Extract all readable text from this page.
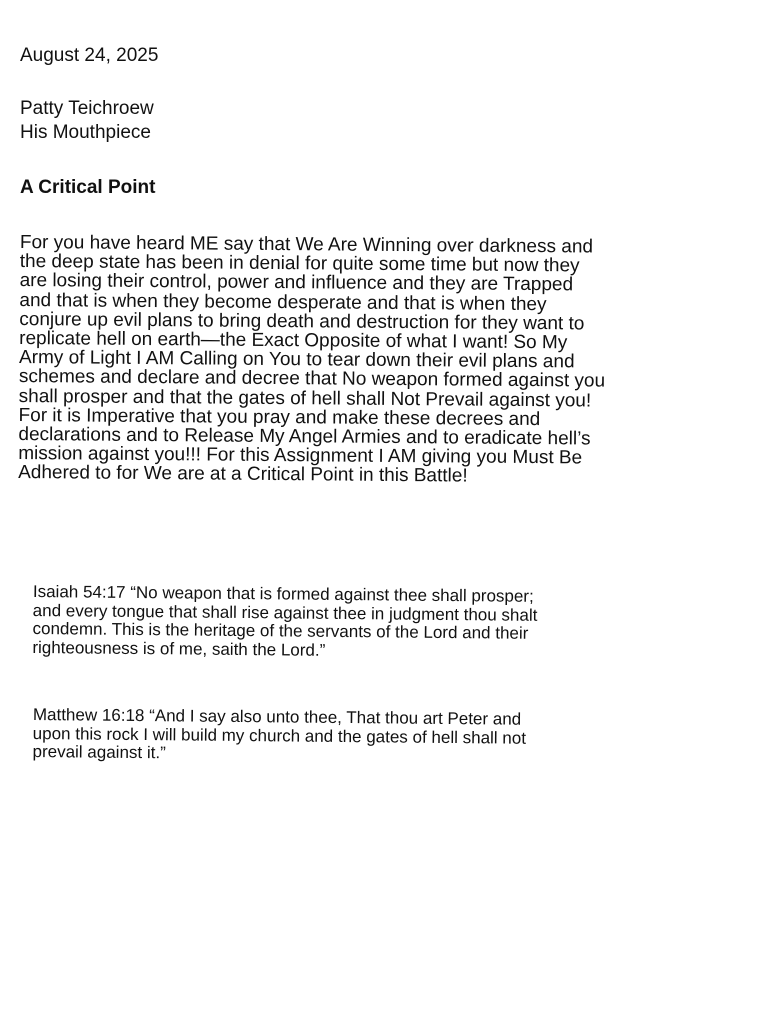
August 24, 2025

Patty Teichroew
His Mouthpiece

A Critical Point

For you have heard ME say that We Are Winning over darkness and
the deep state has been in denial for quite some time but now they
are losing their control, power and influence and they are Trapped
and that is when they become desperate and that is when they
conjure up evil plans to bring death and destruction for they want to
replicate hell on earth—the Exact Opposite of what I want! So My
Army of Light I AM Calling on You to tear down their evil plans and
schemes and declare and decree that No weapon formed against you
shall prosper and that the gates of hell shall Not Prevail against you!
For it is Imperative that you pray and make these decrees and
declarations and to Release My Angel Armies and to eradicate hell’s
mission against you!!! For this Assignment I AM giving you Must Be
Adhered to for We are at a Critical Point in this Battle!
Isaiah 54:17 “No weapon that is formed against thee shall prosper;
and every tongue that shall rise against thee in judgment thou shalt
condemn. This is the heritage of the servants of the Lord and their
righteousness is of me, saith the Lord.”
Matthew 16:18 “And I say also unto thee, That thou art Peter and
upon this rock I will build my church and the gates of hell shall not
prevail against it.”
